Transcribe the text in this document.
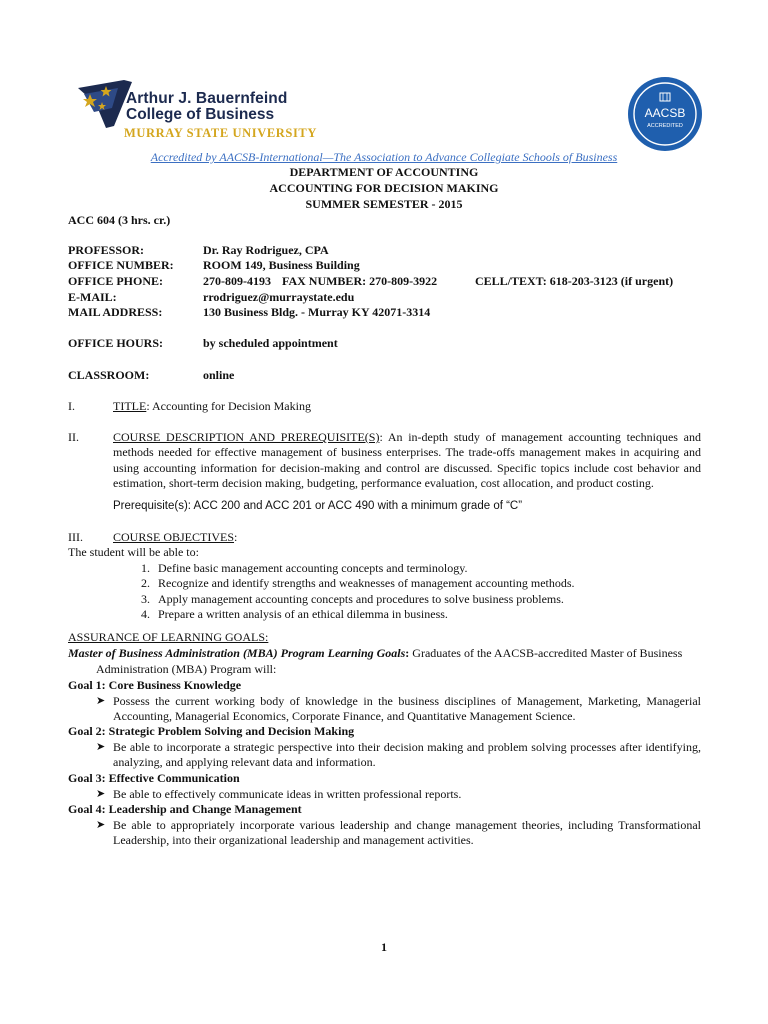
Arthur J. Bauernfeind
College of Business
MURRAY STATE UNIVERSITY
AACSB
ACCREDITED
Accredited by AACSB-International—The Association to Advance Collegiate Schools of Business
DEPARTMENT OF ACCOUNTING
ACCOUNTING FOR DECISION MAKING
SUMMER SEMESTER - 2015
ACC 604 (3 hrs. cr.)
PROFESSOR:	Dr. Ray Rodriguez, CPA
OFFICE NUMBER: ROOM 149, Business Building
OFFICE PHONE:	270-809-4193 FAX NUMBER: 270-809-3922	CELL/TEXT: 618-203-3123 (if urgent)
E-MAIL:	rrodriguez@murraystate.edu
MAIL ADDRESS:	130 Business Bldg. - Murray KY 42071-3314
OFFICE HOURS:	by scheduled appointment
CLASSROOM:	online
I.	TITLE: Accounting for Decision Making
II.	COURSE DESCRIPTION AND PREREQUISITE(S): An in-depth study of management accounting techniques and methods needed for effective management of business enterprises. The trade-offs management makes in acquiring and using accounting information for decision-making and control are discussed. Specific topics include cost behavior and estimation, short-term decision making, budgeting, performance evaluation, cost allocation, and product costing.
Prerequisite(s): ACC 200 and ACC 201 or ACC 490 with a minimum grade of “C”
III.	COURSE OBJECTIVES:
The student will be able to:
1. Define basic management accounting concepts and terminology.
2. Recognize and identify strengths and weaknesses of management accounting methods.
3. Apply management accounting concepts and procedures to solve business problems.
4. Prepare a written analysis of an ethical dilemma in business.
ASSURANCE OF LEARNING GOALS:
Master of Business Administration (MBA) Program Learning Goals: Graduates of the AACSB-accredited Master of Business
Administration (MBA) Program will:
Goal 1: Core Business Knowledge
➤ Possess the current working body of knowledge in the business disciplines of Management, Marketing, Managerial Accounting, Managerial Economics, Corporate Finance, and Quantitative Management Science.
Goal 2: Strategic Problem Solving and Decision Making
➤ Be able to incorporate a strategic perspective into their decision making and problem solving processes after identifying, analyzing, and applying relevant data and information.
Goal 3: Effective Communication
➤ Be able to effectively communicate ideas in written professional reports.
Goal 4: Leadership and Change Management
➤ Be able to appropriately incorporate various leadership and change management theories, including Transformational Leadership, into their organizational leadership and management activities.
1
